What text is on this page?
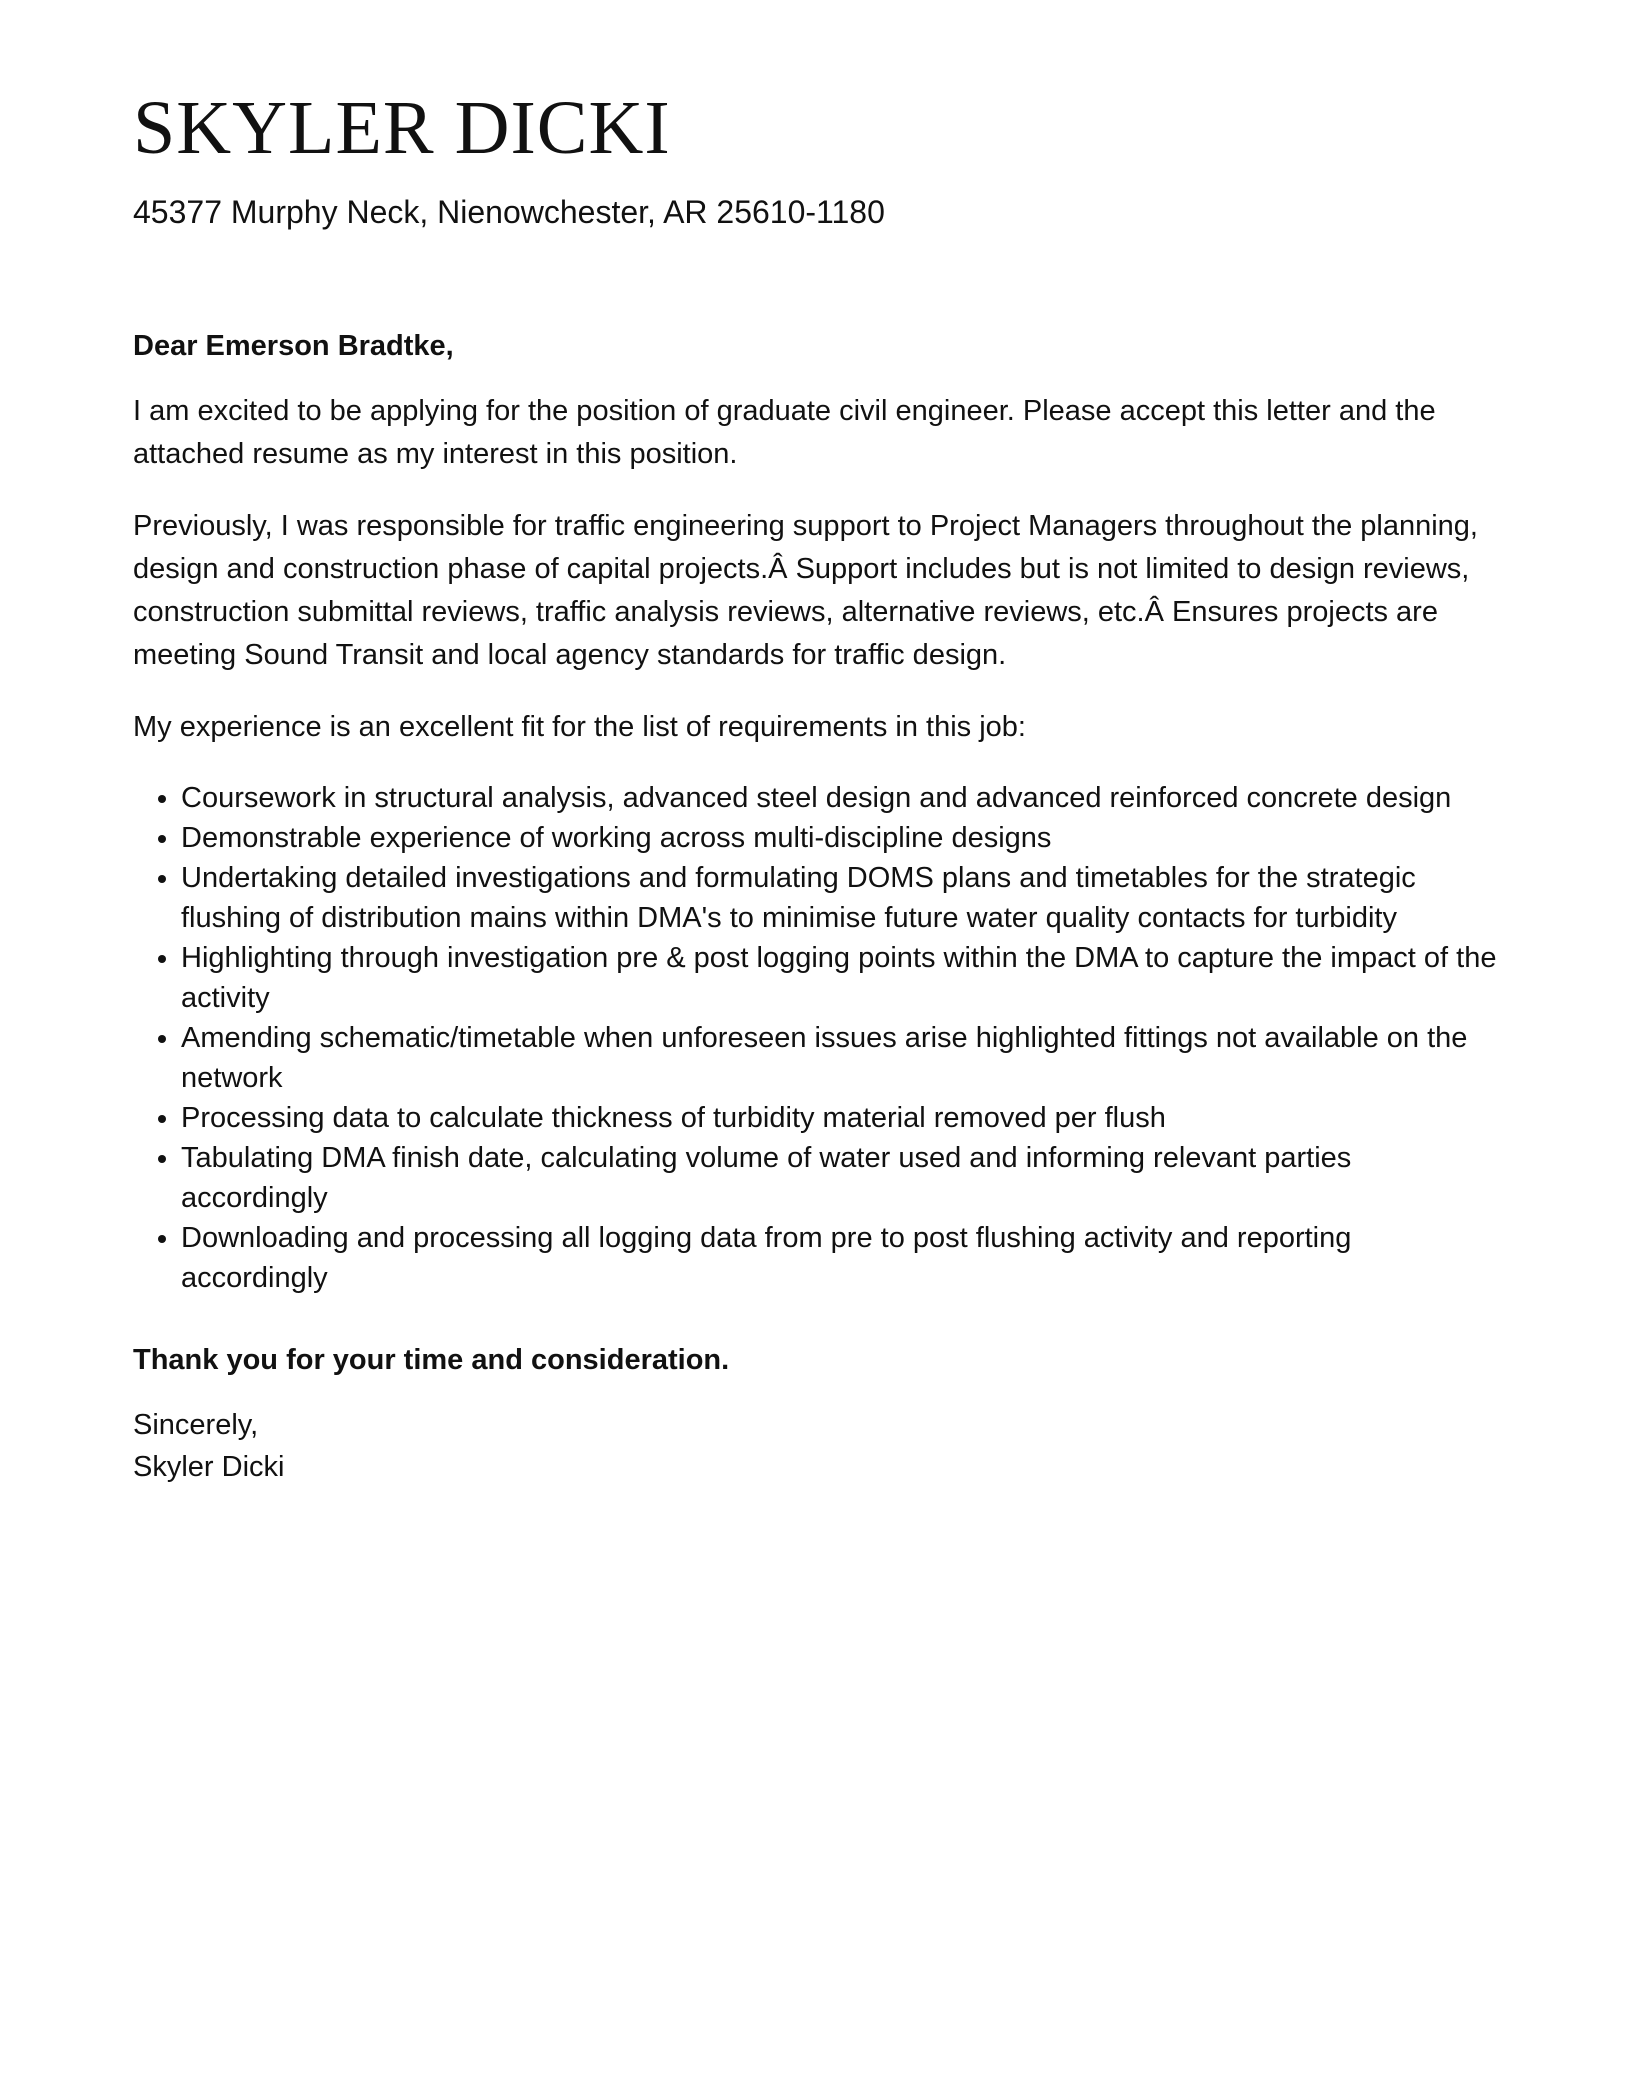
SKYLER DICKI
45377 Murphy Neck, Nienowchester, AR 25610-1180
Dear Emerson Bradtke,

I am excited to be applying for the position of graduate civil engineer. Please accept this letter and the attached resume as my interest in this position.

Previously, I was responsible for traffic engineering support to Project Managers throughout the planning, design and construction phase of capital projects.Â Support includes but is not limited to design reviews, construction submittal reviews, traffic analysis reviews, alternative reviews, etc.Â Ensures projects are meeting Sound Transit and local agency standards for traffic design.

My experience is an excellent fit for the list of requirements in this job:

• Coursework in structural analysis, advanced steel design and advanced reinforced concrete design
• Demonstrable experience of working across multi-discipline designs
• Undertaking detailed investigations and formulating DOMS plans and timetables for the strategic flushing of distribution mains within DMA's to minimise future water quality contacts for turbidity
• Highlighting through investigation pre & post logging points within the DMA to capture the impact of the activity
• Amending schematic/timetable when unforeseen issues arise highlighted fittings not available on the network
• Processing data to calculate thickness of turbidity material removed per flush
• Tabulating DMA finish date, calculating volume of water used and informing relevant parties accordingly
• Downloading and processing all logging data from pre to post flushing activity and reporting accordingly
Thank you for your time and consideration.
Sincerely,
Skyler Dicki
